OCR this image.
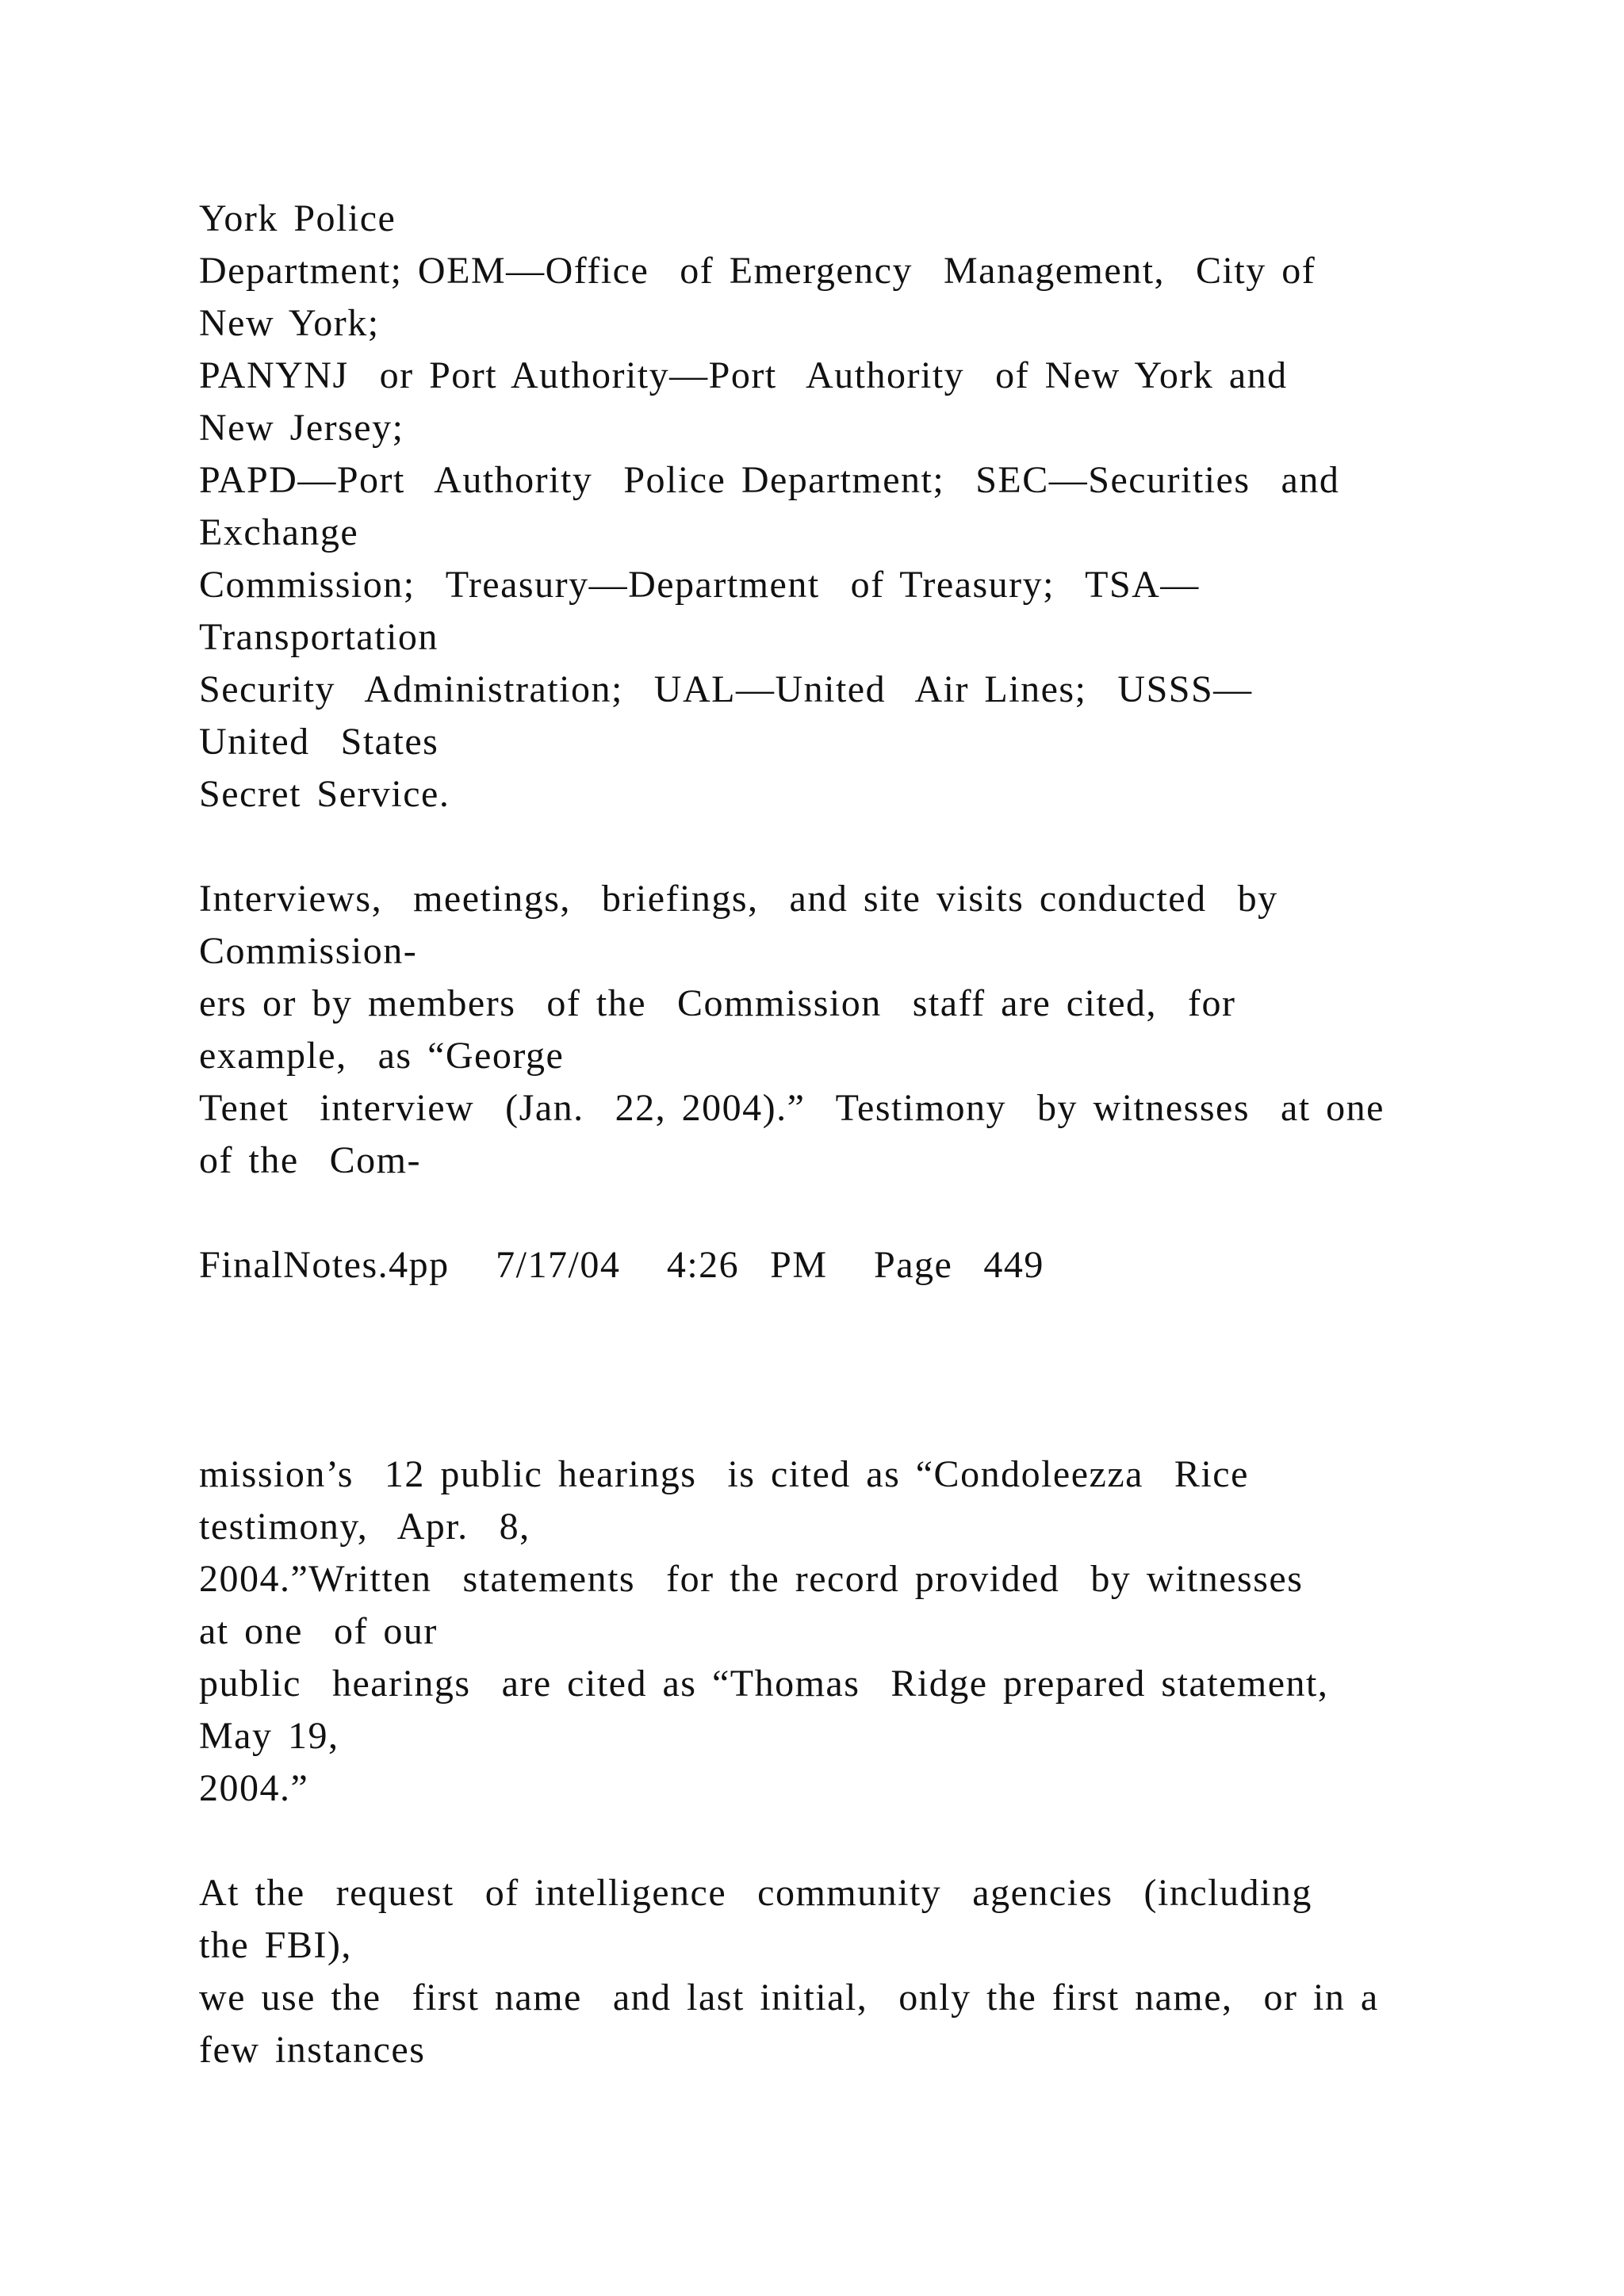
York Police

Department; OEM—Office  of Emergency  Management,  City of

New York;

PANYNJ  or Port Authority—Port  Authority  of New York and

New Jersey;

PAPD—Port  Authority  Police Department;  SEC—Securities  and

Exchange

Commission;  Treasury—Department  of Treasury;  TSA—

Transportation

Security  Administration;  UAL—United  Air Lines;  USSS—

United  States

Secret Service.

Interviews,  meetings,  briefings,  and site visits conducted  by

Commission-

ers or by members  of the  Commission  staff are cited,  for

example,  as “George

Tenet  interview  (Jan.  22, 2004).”  Testimony  by witnesses  at one

of the  Com-

FinalNotes.4pp   7/17/04   4:26  PM   Page  449

mission’s  12 public hearings  is cited as “Condoleezza  Rice

testimony,  Apr.  8,

2004.”Written  statements  for the record provided  by witnesses

at one  of our

public  hearings  are cited as “Thomas  Ridge prepared statement,

May 19,

2004.”

At the  request  of intelligence  community  agencies  (including

the FBI),

we use the  first name  and last initial,  only the first name,  or in a

few instances
